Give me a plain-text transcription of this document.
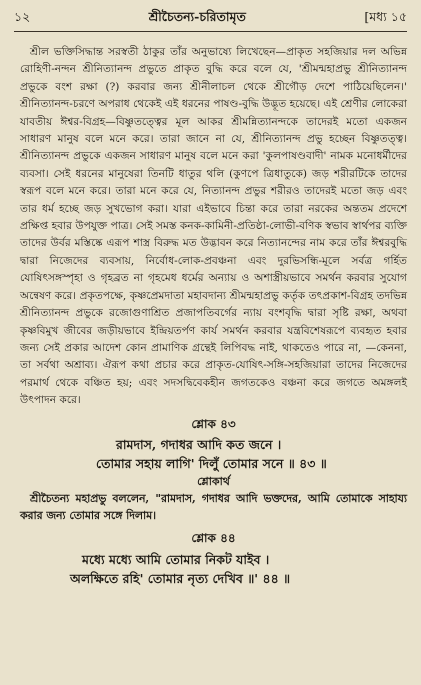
১২	শ্রীচৈতন্য-চরিতামৃত	[মধ্য ১৫

শ্রীল ভক্তিসিদ্ধান্ত সরস্বতী ঠাকুর তাঁর অনুভাষ্যে লিখেছেন—প্রাকৃত সহজিয়ার দল অভিন্ন রোহিণী-নন্দন শ্রীনিত্যানন্দ প্রভুতে প্রাকৃত বুদ্ধি করে বলে যে, 'শ্রীমন্মহাপ্রভু শ্রীনিত্যানন্দ প্রভুকে বংশ রক্ষা (?) করবার জন্য শ্রীনীলাচল থেকে শ্রীগৌড় দেশে পাঠিয়েছিলেন।' শ্রীনিত্যানন্দ-চরণে অপরাধ থেকেই এই ধরনের পাষণ্ড-বুদ্ধি উদ্ভূত হয়েছে। এই শ্রেণীর লোকেরা যাবতীয় ঈশ্বর-বিগ্রহ—বিষ্ণুতত্ত্বের মূল আকর শ্রীমন্নিত্যানন্দকে তাদেরই মতো একজন সাধারণ মানুষ বলে মনে করে। তারা জানে না যে, শ্রীনিত্যানন্দ প্রভু হচ্ছেন বিষ্ণুতত্ত্ব। শ্রীনিত্যানন্দ প্রভুকে একজন সাধারণ মানুষ বলে মনে করা 'কুলপাষণ্ডবাদী' নামক মনোধর্মীদের ব্যবসা। সেই ধরনের মানুষেরা তিনটি ধাতুর থলি (কুণপে ত্রিধাতুকে) জড় শরীরটিকে তাদের স্বরূপ বলে মনে করে। তারা মনে করে যে, নিত্যানন্দ প্রভুর শরীরও তাদেরই মতো জড় এবং তার ধর্ম হচ্ছে জড় সুখভোগ করা। যারা এইভাবে চিন্তা করে তারা নরকের অন্ততম প্রদেশে প্রক্ষিপ্ত হবার উপযুক্ত পাত্র। সেই সমস্ত কনক-কামিনী-প্রতিষ্ঠা-লোভী-বণিক স্বভাব স্বার্থপর ব্যক্তি তাদের উর্বর মস্তিষ্কে এরূপ শাস্ত্র বিরুদ্ধ মত উদ্ভাবন করে নিত্যানন্দের নাম করে তাঁর ঈশ্বরবুদ্ধি দ্বারা নিজেদের ব্যবসায়, নির্বোধ-লোক-প্রবঞ্চনা এবং দুরভিসন্ধি-মূলে সর্বত্র গর্হিত যোষিৎসঙ্গস্পৃহা ও গৃহব্রত না গৃহমেধ ধর্মের অন্যায় ও অশাস্ত্রীয়ভাবে সমর্থন করবার সুযোগ অন্বেষণ করে। প্রকৃতপক্ষে, কৃষ্ণপ্রেমদাতা মহাবদান্য শ্রীমন্মহাপ্রভু কর্তৃক তৎপ্রকাশ-বিগ্রহ তদভিন্ন শ্রীনিত্যানন্দ প্রভুকে রজোগুণাশ্রিত প্রজাপতিবর্গের ন্যায় বংশবৃদ্ধি দ্বারা সৃষ্টি রক্ষা, অথবা কৃষ্ণবিমুখ জীবের জড়ীয়ভাবে ইন্দ্রিয়তর্পণ কার্য সমর্থন করবার যন্ত্রবিশেষরূপে ব্যবহৃত হবার জন্য সেই প্রকার আদেশ কোন প্রামাণিক গ্রন্থেই লিপিবদ্ধ নাই, থাকতেও পারে না, —কেননা, তা সর্বথা অশ্রাব্য। ঐরূপ কথা প্রচার করে প্রাকৃত-যোষিৎ-সঙ্গি-সহজিয়ারা তাদের নিজেদের পরমার্থ থেকে বঞ্চিত হয়; এবং সদসদ্বিবেকহীন জগতকেও বঞ্চনা করে জগতে অমঙ্গলই উৎপাদন করে।

শ্লোক ৪৩
রামদাস, গদাধর আদি কত জনে ।
তোমার সহায় লাগি' দিলুঁ তোমার সনে ॥ ৪৩ ॥
শ্লোকার্থ

শ্রীচৈতন্য মহাপ্রভু বললেন, "রামদাস, গদাধর আদি ভক্তদের, আমি তোমাকে সাহায্য করার জন্য তোমার সঙ্গে দিলাম।

শ্লোক ৪৪
মধ্যে মধ্যে আমি তোমার নিকট যাইব ।
অলক্ষিতে রহি' তোমার নৃত্য দেখিব ॥' ৪৪ ॥
